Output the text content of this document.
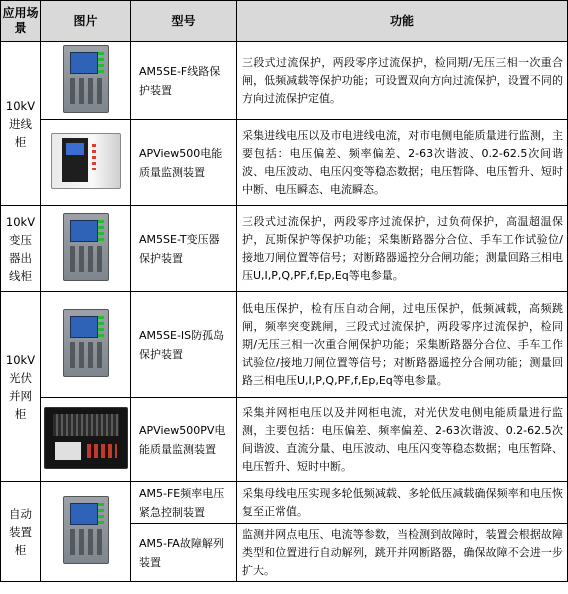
应用场景	图片	型号	功能
10kV进线柜		AM5SE-F线路保护装置	三段式过流保护，两段零序过流保护，检同期/无压三相一次重合闸，低频减载等保护功能；可设置双向方向过流保护，设置不同的方向过流保护定值。

		APView500电能质量监测装置	采集进线电压以及市电进线电流，对市电侧电能质量进行监测，主要包括：电压偏差、频率偏差、2-63次谐波、0.2-62.5次间谐波、电压波动、电压闪变等稳态数据；电压暂降、电压暂升、短时中断、电压瞬态、电流瞬态。
10kV变压器出线柜		AM5SE-T变压器保护装置	三段式过流保护，两段零序过流保护，过负荷保护，高温超温保护，瓦斯保护等保护功能；采集断路器分合位、手车工作试验位/接地刀闸位置等信号；对断路器遥控分合闸功能；测量回路三相电压U,I,P,Q,PF,f,Ep,Eq等电参量。
10kV光伏并网柜		AM5SE-IS防孤岛保护装置	低电压保护，检有压自动合闸，过电压保护，低频减载，高频跳闸，频率突变跳闸，三段式过流保护，两段零序过流保护，检同期/无压三相一次重合闸保护功能；采集断路器分合位、手车工作试验位/接地刀闸位置等信号；对断路器遥控分合闸功能；测量回路三相电压U,I,P,Q,PF,f,Ep,Eq等电参量。

		APView500PV电能质量监测装置	采集并网柜电压以及并网柜电流，对光伏发电侧电能质量进行监测，主要包括：电压偏差、频率偏差、2-63次谐波、0.2-62.5次间谐波、直流分量、电压波动、电压闪变等稳态数据；电压暂降、电压暂升、短时中断。
自动装置柜		AM5-FE频率电压紧急控制装置	采集母线电压实现多轮低频减载、多轮低压减载确保频率和电压恢复至正常值。
		AM5-FA故障解列装置	监测并网点电压、电流等参数，当检测到故障时，装置会根据故障类型和位置进行自动解列，跳开并网断路器，确保故障不会进一步扩大。
